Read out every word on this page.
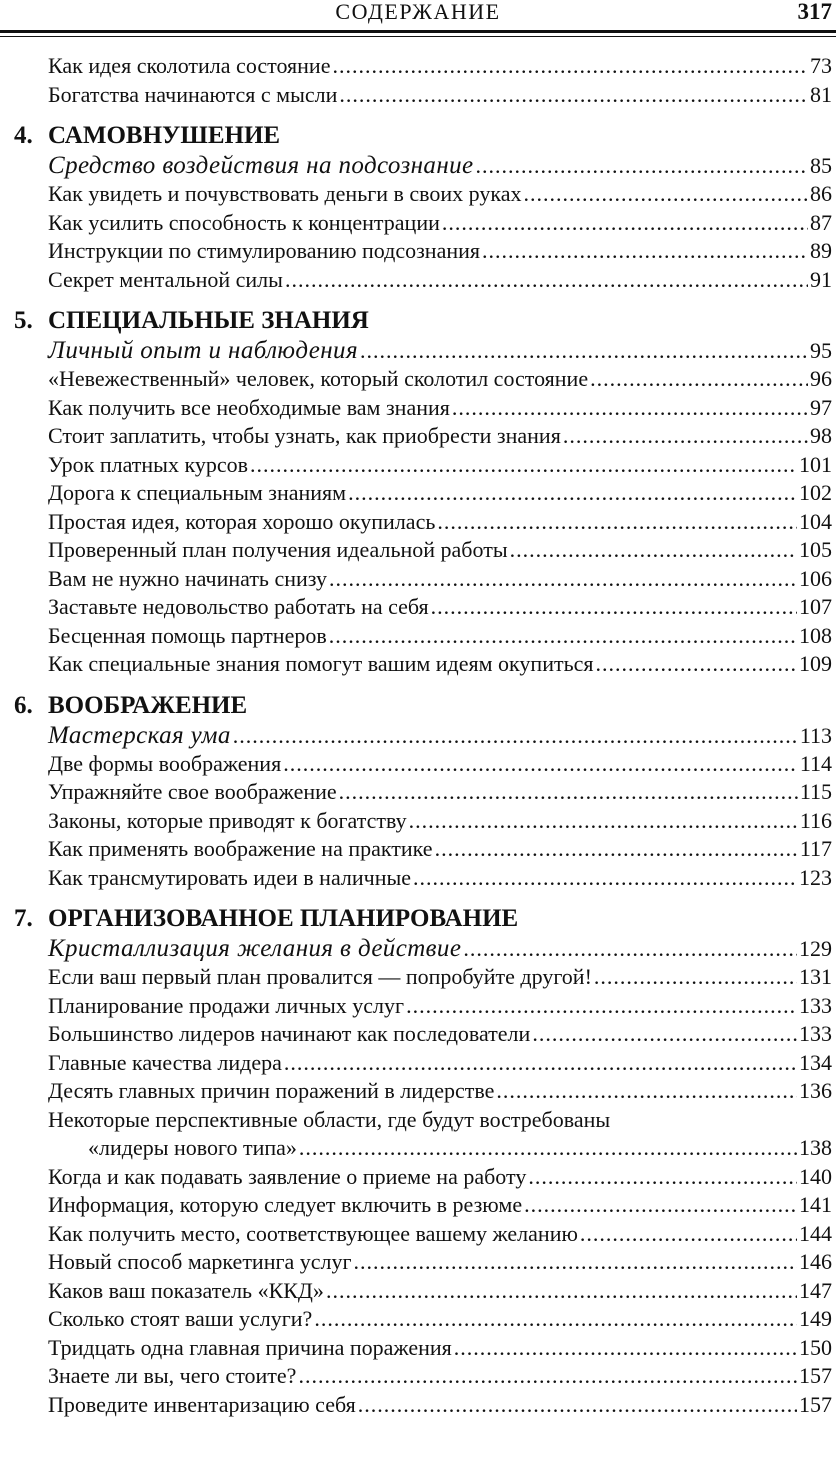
СОДЕРЖАНИЕ	317
Как идея сколотила состояние .....	73
Богатства начинаются с мысли .....	81
4. САМОВНУШЕНИЕ
Средство воздействия на подсознание .....	85
Как увидеть и почувствовать деньги в своих руках .....	86
Как усилить способность к концентрации .....	87
Инструкции по стимулированию подсознания .....	89
Секрет ментальной силы .....	91
5. СПЕЦИАЛЬНЫЕ ЗНАНИЯ
Личный опыт и наблюдения .....	95
«Невежественный» человек, который сколотил состояние .....	96
Как получить все необходимые вам знания .....	97
Стоит заплатить, чтобы узнать, как приобрести знания .....	98
Урок платных курсов .....	101
Дорога к специальным знаниям .....	102
Простая идея, которая хорошо окупилась .....	104
Проверенный план получения идеальной работы .....	105
Вам не нужно начинать снизу .....	106
Заставьте недовольство работать на себя .....	107
Бесценная помощь партнеров .....	108
Как специальные знания помогут вашим идеям окупиться .....	109
6. ВООБРАЖЕНИЕ
Мастерская ума .....	113
Две формы воображения .....	114
Упражняйте свое воображение .....	115
Законы, которые приводят к богатству .....	116
Как применять воображение на практике .....	117
Как трансмутировать идеи в наличные .....	123
7. ОРГАНИЗОВАННОЕ ПЛАНИРОВАНИЕ
Кристаллизация желания в действие .....	129
Если ваш первый план провалится — попробуйте другой! .....	131
Планирование продажи личных услуг .....	133
Большинство лидеров начинают как последователи .....	133
Главные качества лидера .....	134
Десять главных причин поражений в лидерстве .....	136
Некоторые перспективные области, где будут востребованы
«лидеры нового типа» .....	138
Когда и как подавать заявление о приеме на работу .....	140
Информация, которую следует включить в резюме .....	141
Как получить место, соответствующее вашему желанию .....	144
Новый способ маркетинга услуг .....	146
Каков ваш показатель «ККД» .....	147
Сколько стоят ваши услуги? .....	149
Тридцать одна главная причина поражения .....	150
Знаете ли вы, чего стоите? .....	157
Проведите инвентаризацию себя .....	157
